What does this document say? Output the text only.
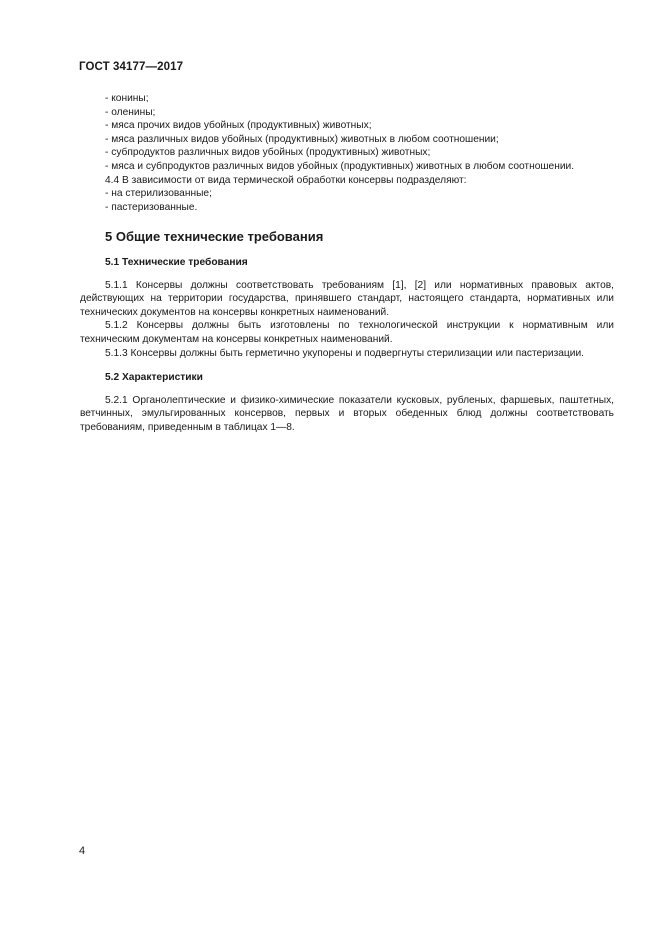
ГОСТ 34177—2017
- конины;
- оленины;
- мяса прочих видов убойных (продуктивных) животных;
- мяса различных видов убойных (продуктивных) животных в любом соотношении;
- субпродуктов различных видов убойных (продуктивных) животных;
- мяса и субпродуктов различных видов убойных (продуктивных) животных в любом соотношении.
4.4 В зависимости от вида термической обработки консервы подразделяют:
- на стерилизованные;
- пастеризованные.
5 Общие технические требования
5.1 Технические требования

5.1.1 Консервы должны соответствовать требованиям [1], [2] или нормативных правовых актов, действующих на территории государства, принявшего стандарт, настоящего стандарта, нормативных или технических документов на консервы конкретных наименований.

5.1.2 Консервы должны быть изготовлены по технологической инструкции к нормативным или техническим документам на консервы конкретных наименований.

5.1.3 Консервы должны быть герметично укупорены и подвергнуты стерилизации или пастеризации.

5.2 Характеристики

5.2.1 Органолептические и физико-химические показатели кусковых, рубленых, фаршевых, паштетных, ветчинных, эмульгированных консервов, первых и вторых обеденных блюд должны соответствовать требованиям, приведенным в таблицах 1—8.

4
